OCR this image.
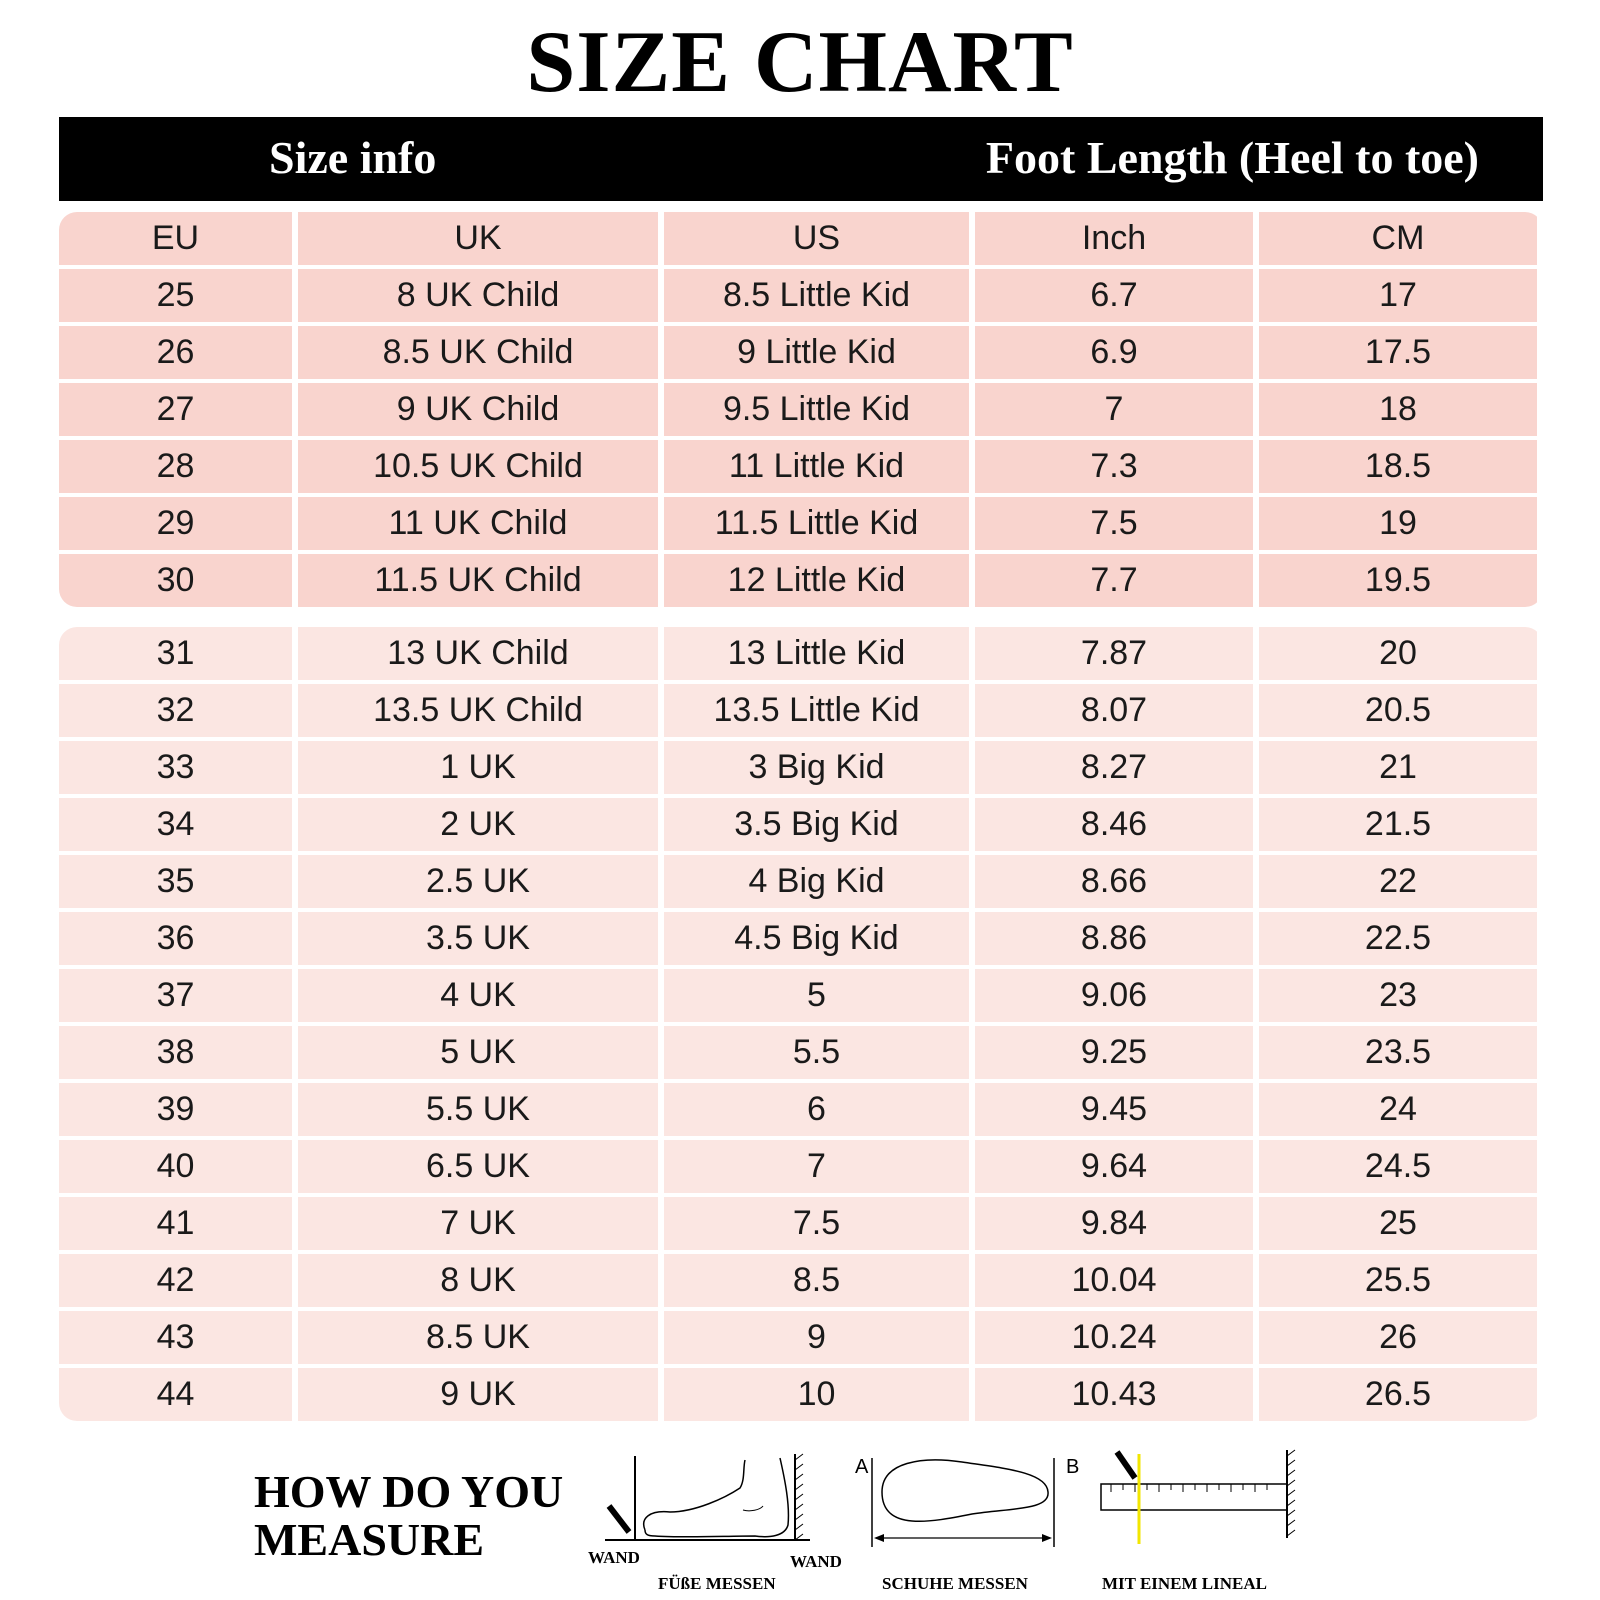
SIZE CHART
Size info	Foot Length (Heel to toe)
EU	UK	US	Inch	CM
25	8 UK Child	8.5 Little Kid	6.7	17
26	8.5 UK Child	9 Little Kid	6.9	17.5
27	9 UK Child	9.5 Little Kid	7	18
28	10.5 UK Child	11 Little Kid	7.3	18.5
29	11 UK Child	11.5 Little Kid	7.5	19
30	11.5 UK Child	12 Little Kid	7.7	19.5
31	13 UK Child	13 Little Kid	7.87	20
32	13.5 UK Child	13.5 Little Kid	8.07	20.5
33	1 UK	3 Big Kid	8.27	21
34	2 UK	3.5 Big Kid	8.46	21.5
35	2.5 UK	4 Big Kid	8.66	22
36	3.5 UK	4.5 Big Kid	8.86	22.5
37	4 UK	5	9.06	23
38	5 UK	5.5	9.25	23.5
39	5.5 UK	6	9.45	24
40	6.5 UK	7	9.64	24.5
41	7 UK	7.5	9.84	25
42	8 UK	8.5	10.04	25.5
43	8.5 UK	9	10.24	26
44	9 UK	10	10.43	26.5
HOW DO YOU
MEASURE	WAND	WAND
FÜßE MESSEN
A	B
SCHUHE MESSEN	MIT EINEM LINEAL
